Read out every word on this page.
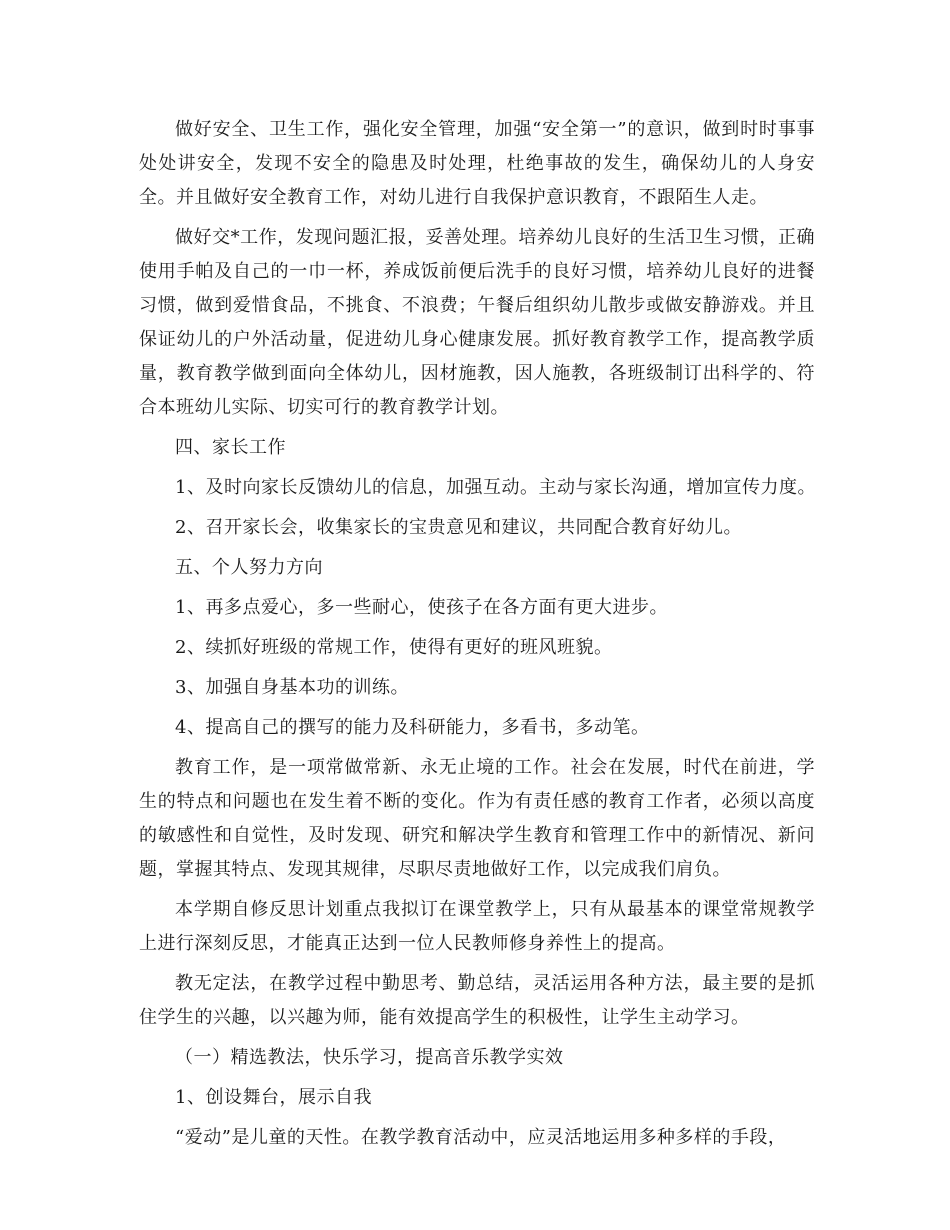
做好安全、卫生工作，强化安全管理，加强“安全第一”的意识，做到时时事事处处讲安全，发现不安全的隐患及时处理，杜绝事故的发生，确保幼儿的人身安全。并且做好安全教育工作，对幼儿进行自我保护意识教育，不跟陌生人走。

做好交*工作，发现问题汇报，妥善处理。培养幼儿良好的生活卫生习惯，正确使用手帕及自己的一巾一杯，养成饭前便后洗手的良好习惯，培养幼儿良好的进餐习惯，做到爱惜食品，不挑食、不浪费；午餐后组织幼儿散步或做安静游戏。并且保证幼儿的户外活动量，促进幼儿身心健康发展。抓好教育教学工作，提高教学质量，教育教学做到面向全体幼儿，因材施教，因人施教，各班级制订出科学的、符合本班幼儿实际、切实可行的教育教学计划。

四、家长工作

1、及时向家长反馈幼儿的信息，加强互动。主动与家长沟通，增加宣传力度。

2、召开家长会，收集家长的宝贵意见和建议，共同配合教育好幼儿。

五、个人努力方向

1、再多点爱心，多一些耐心，使孩子在各方面有更大进步。

2、续抓好班级的常规工作，使得有更好的班风班貌。

3、加强自身基本功的训练。

4、提高自己的撰写的能力及科研能力，多看书，多动笔。

教育工作，是一项常做常新、永无止境的工作。社会在发展，时代在前进，学生的特点和问题也在发生着不断的变化。作为有责任感的教育工作者，必须以高度的敏感性和自觉性，及时发现、研究和解决学生教育和管理工作中的新情况、新问题，掌握其特点、发现其规律，尽职尽责地做好工作，以完成我们肩负。

本学期自修反思计划重点我拟订在课堂教学上，只有从最基本的课堂常规教学上进行深刻反思，才能真正达到一位人民教师修身养性上的提高。

教无定法，在教学过程中勤思考、勤总结，灵活运用各种方法，最主要的是抓住学生的兴趣，以兴趣为师，能有效提高学生的积极性，让学生主动学习。

（一）精选教法，快乐学习，提高音乐教学实效

1、创设舞台，展示自我

“爱动”是儿童的天性。在教学教育活动中，应灵活地运用多种多样的手段，
